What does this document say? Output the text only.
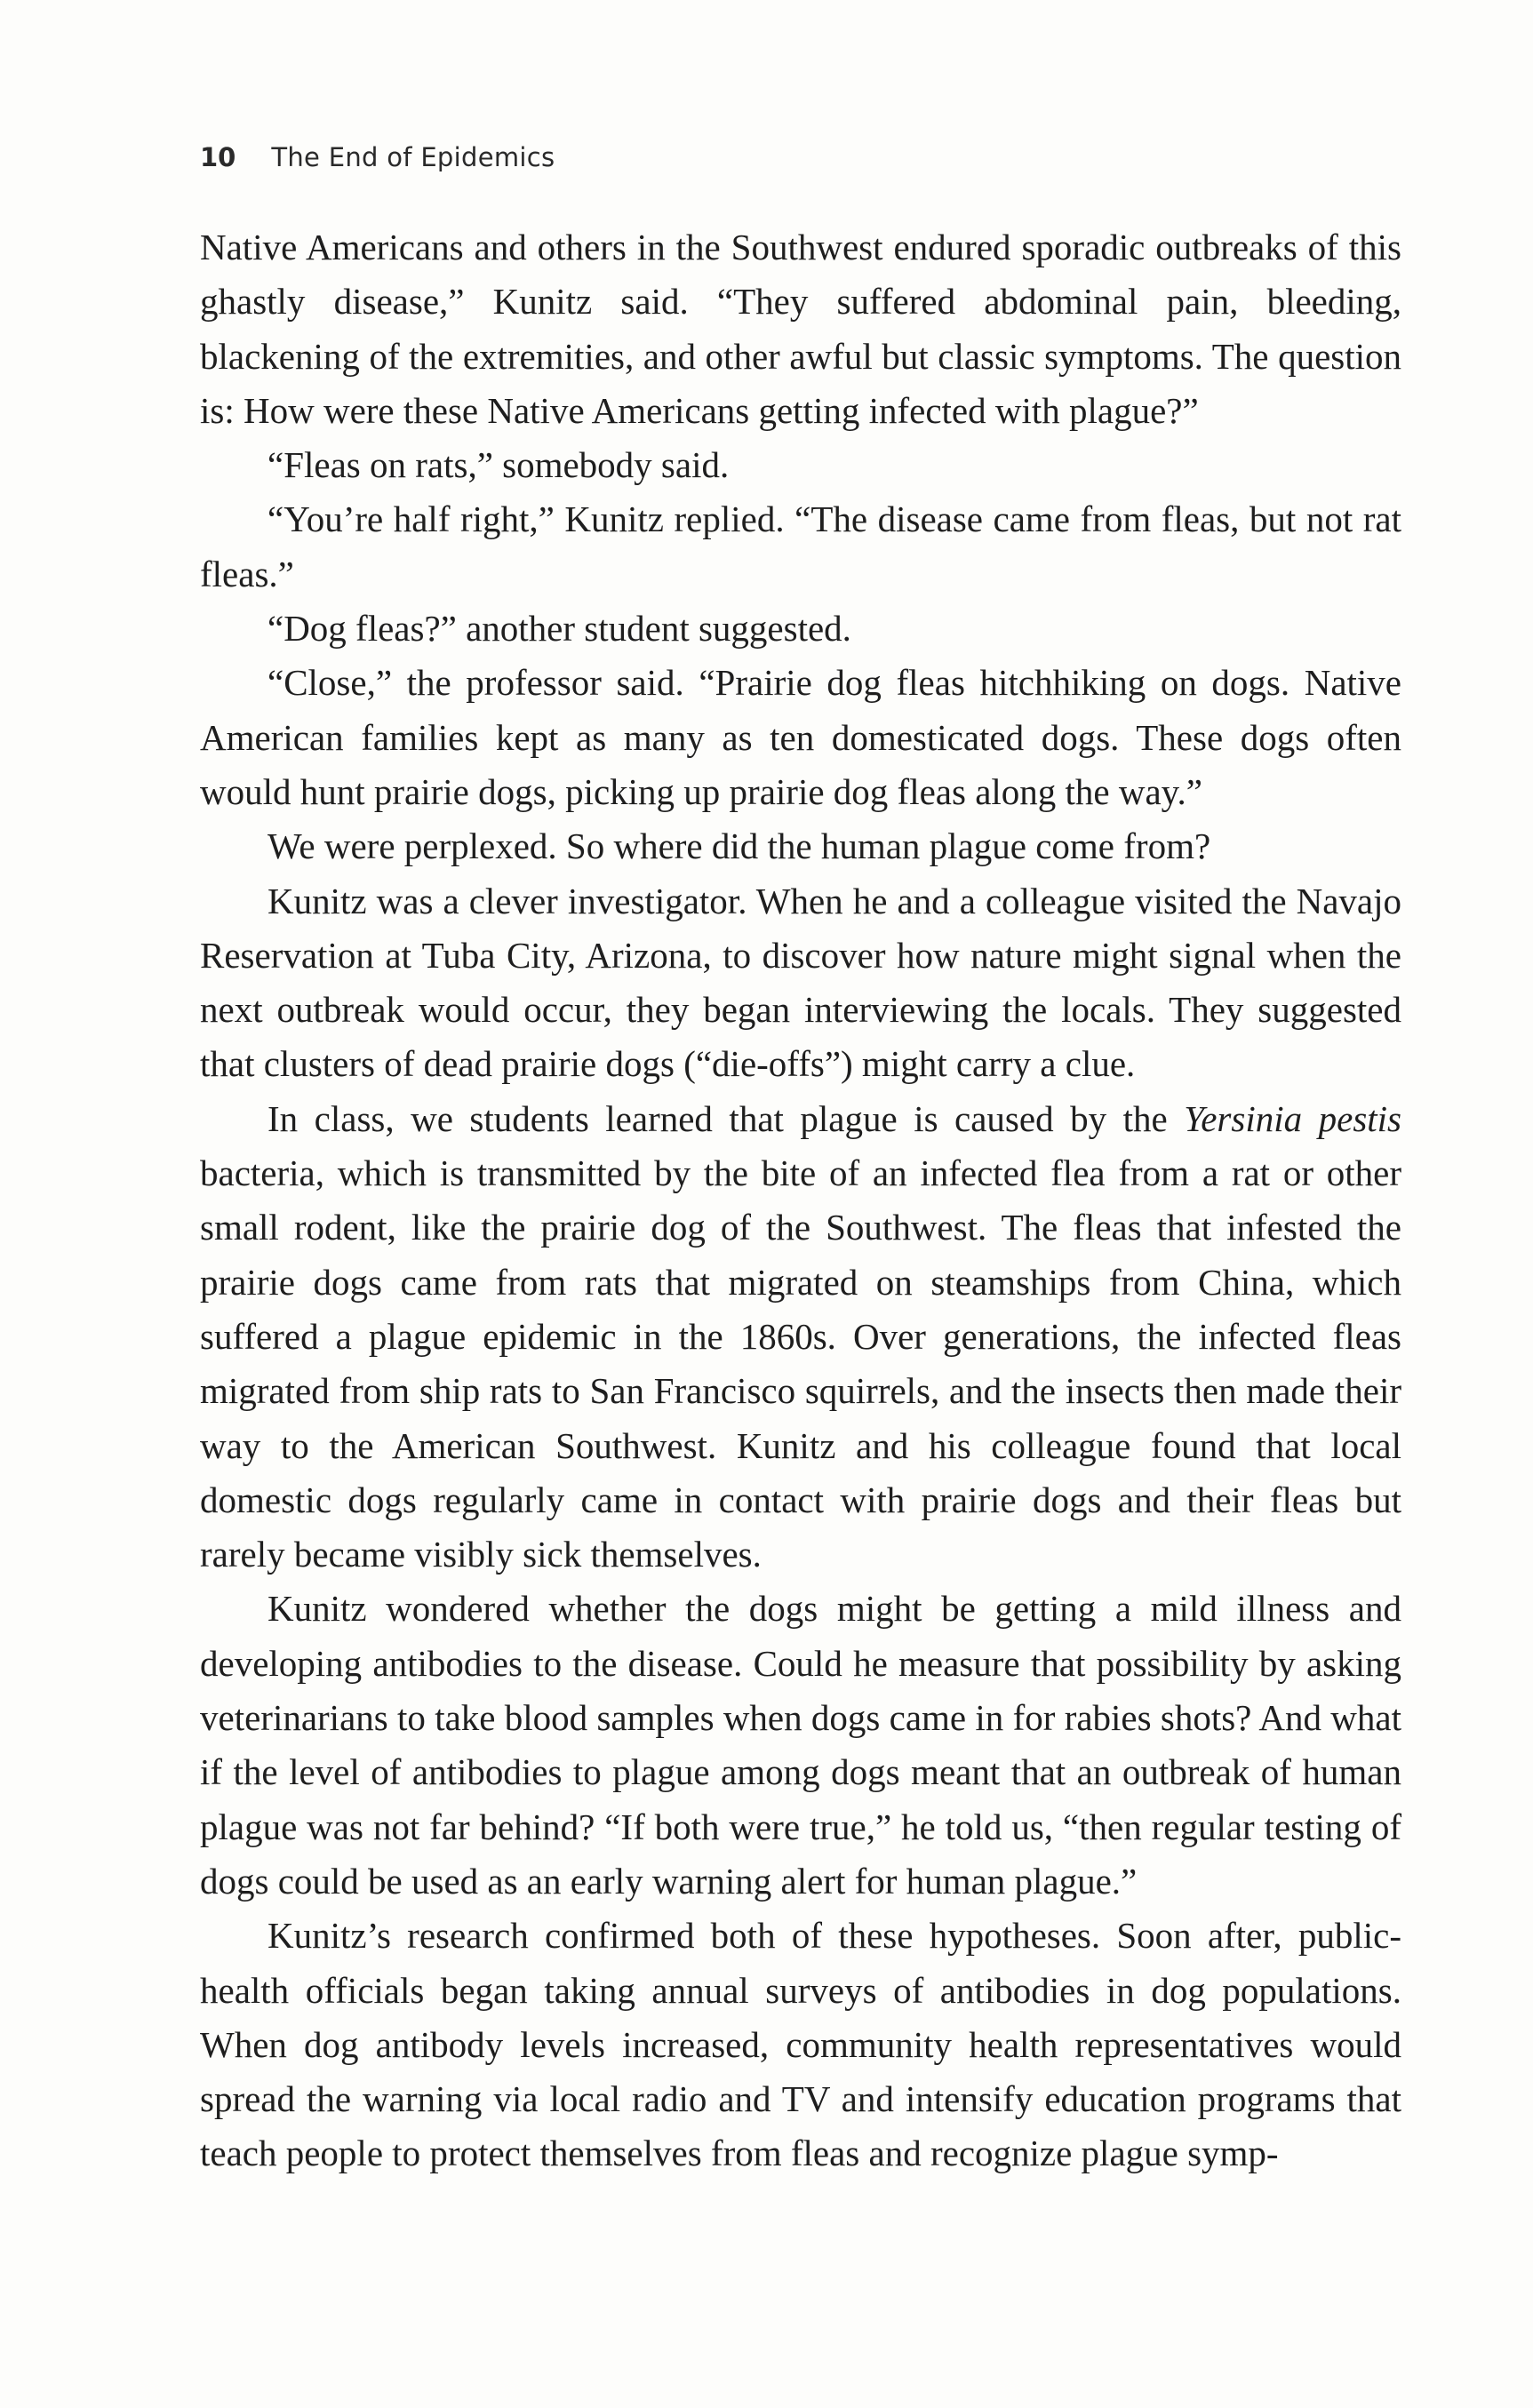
10 The End of Epidemics

Native Americans and others in the Southwest endured sporadic outbreaks of this ghastly disease,” Kunitz said. “They suffered abdominal pain, bleeding, blackening of the extremities, and other awful but classic symptoms. The question is: How were these Native Americans getting infected with plague?”

“Fleas on rats,” somebody said.

“You’re half right,” Kunitz replied. “The disease came from fleas, but not rat fleas.”

“Dog fleas?” another student suggested.

“Close,” the professor said. “Prairie dog fleas hitchhiking on dogs. Native American families kept as many as ten domesticated dogs. These dogs often would hunt prairie dogs, picking up prairie dog fleas along the way.”

We were perplexed. So where did the human plague come from?

Kunitz was a clever investigator. When he and a colleague visited the Navajo Reservation at Tuba City, Arizona, to discover how nature might signal when the next outbreak would occur, they began interviewing the locals. They suggested that clusters of dead prairie dogs (“die-offs”) might carry a clue.

In class, we students learned that plague is caused by the Yersinia pestis bacteria, which is transmitted by the bite of an infected flea from a rat or other small rodent, like the prairie dog of the Southwest. The fleas that infested the prairie dogs came from rats that migrated on steamships from China, which suffered a plague epidemic in the 1860s. Over generations, the infected fleas migrated from ship rats to San Francisco squirrels, and the insects then made their way to the American Southwest. Kunitz and his colleague found that local domestic dogs regularly came in contact with prairie dogs and their fleas but rarely became visibly sick themselves.

Kunitz wondered whether the dogs might be getting a mild illness and developing antibodies to the disease. Could he measure that possibility by asking veterinarians to take blood samples when dogs came in for rabies shots? And what if the level of antibodies to plague among dogs meant that an outbreak of human plague was not far behind? “If both were true,” he told us, “then regular testing of dogs could be used as an early warning alert for human plague.”

Kunitz’s research confirmed both of these hypotheses. Soon after, public-health officials began taking annual surveys of antibodies in dog populations. When dog antibody levels increased, community health representatives would spread the warning via local radio and TV and intensify education programs that teach people to protect themselves from fleas and recognize plague symp-
